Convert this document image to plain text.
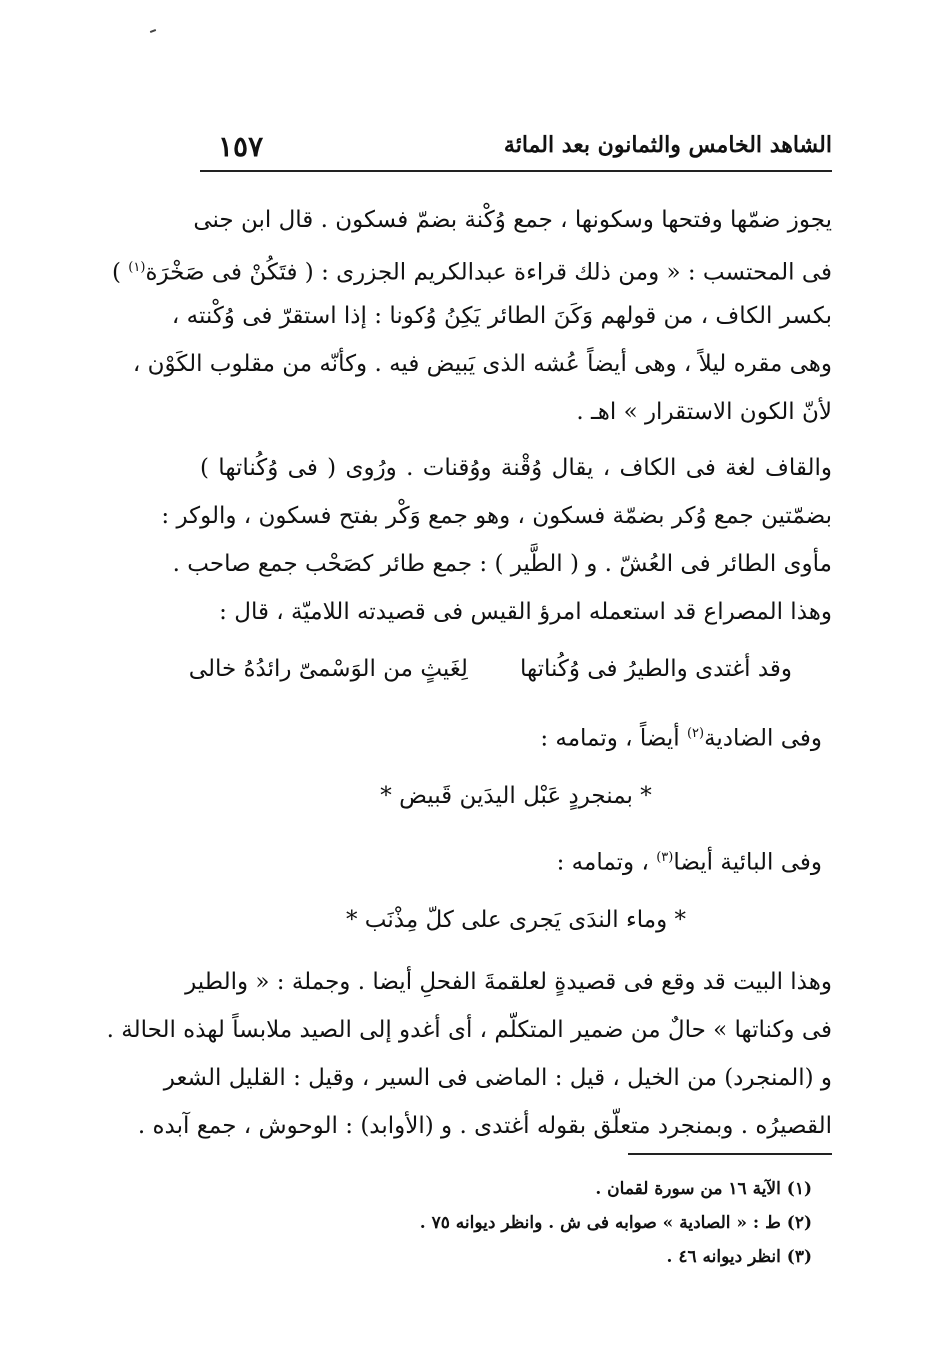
الشاهد الخامس والثمانون بعد المائة
١٥٧
يجوز ضمّها وفتحها وسكونها ، جمع وُكْنة بضمّ فسكون . قال ابن جنى
فى المحتسب : « ومن ذلك قراءة عبدالكريم الجزرى : ( فتَكُنْ فى صَخْرَة$^{(١)}$ )
بكسر الكاف ، من قولهم وَكَنَ الطائر يَكِنُ وُكونا : إذا استقرّ فى وُكْنته ،
وهى مقره ليلاً ، وهى أيضاً عُشه الذى يَبيض فيه . وكأنّه من مقلوب الكَوْن ،
لأنّ الكون الاستقرار » اهـ .
والقاف لغة فى الكاف ، يقال وُقْنة ووُقنات . ورُوى ( فى وُكُناتها )
بضمّتين جمع وُكر بضمّة فسكون ، وهو جمع وَكْر بفتح فسكون ، والوكر :
مأوى الطائر فى العُشّ . و ( الطَّير ) : جمع طائر كصَحْب جمع صاحب .
وهذا المصراع قد استعمله امرؤ القيس فى قصيدته اللاميّة ، قال :
وقد أغتدى والطيرُ فى وُكُناتهالِغَيثٍ من الوَسْمىّ رائدُهُ خالى
وفى الضادية$^{(٢)}$ أيضاً ، وتمامه :
* بمنجردٍ عَبْل اليدَين قَبيض *
وفى البائية أيضا$^{(٣)}$ ، وتمامه :
* وماء الندَى يَجرى على كلّ مِذْنَب *
وهذا البيت قد وقع فى قصيدةٍ لعلقمةَ الفحلِ أيضا . وجملة : « والطير
فى وكناتها » حالٌ من ضمير المتكلّم ، أى أغدو إلى الصيد ملابساً لهذه الحالة .
و (المنجرد) من الخيل ، قيل : الماضى فى السير ، وقيل : القليل الشعر
القصيرُه . وبمنجرد متعلّق بقوله أغتدى . و (الأوابد) : الوحوش ، جمع آبده .
(١) الآية ١٦ من سورة لقمان .
(٢) ط : « الصادية » صوابه فى ش . وانظر ديوانه ٧٥ .
(٣) انظر ديوانه ٤٦ .
